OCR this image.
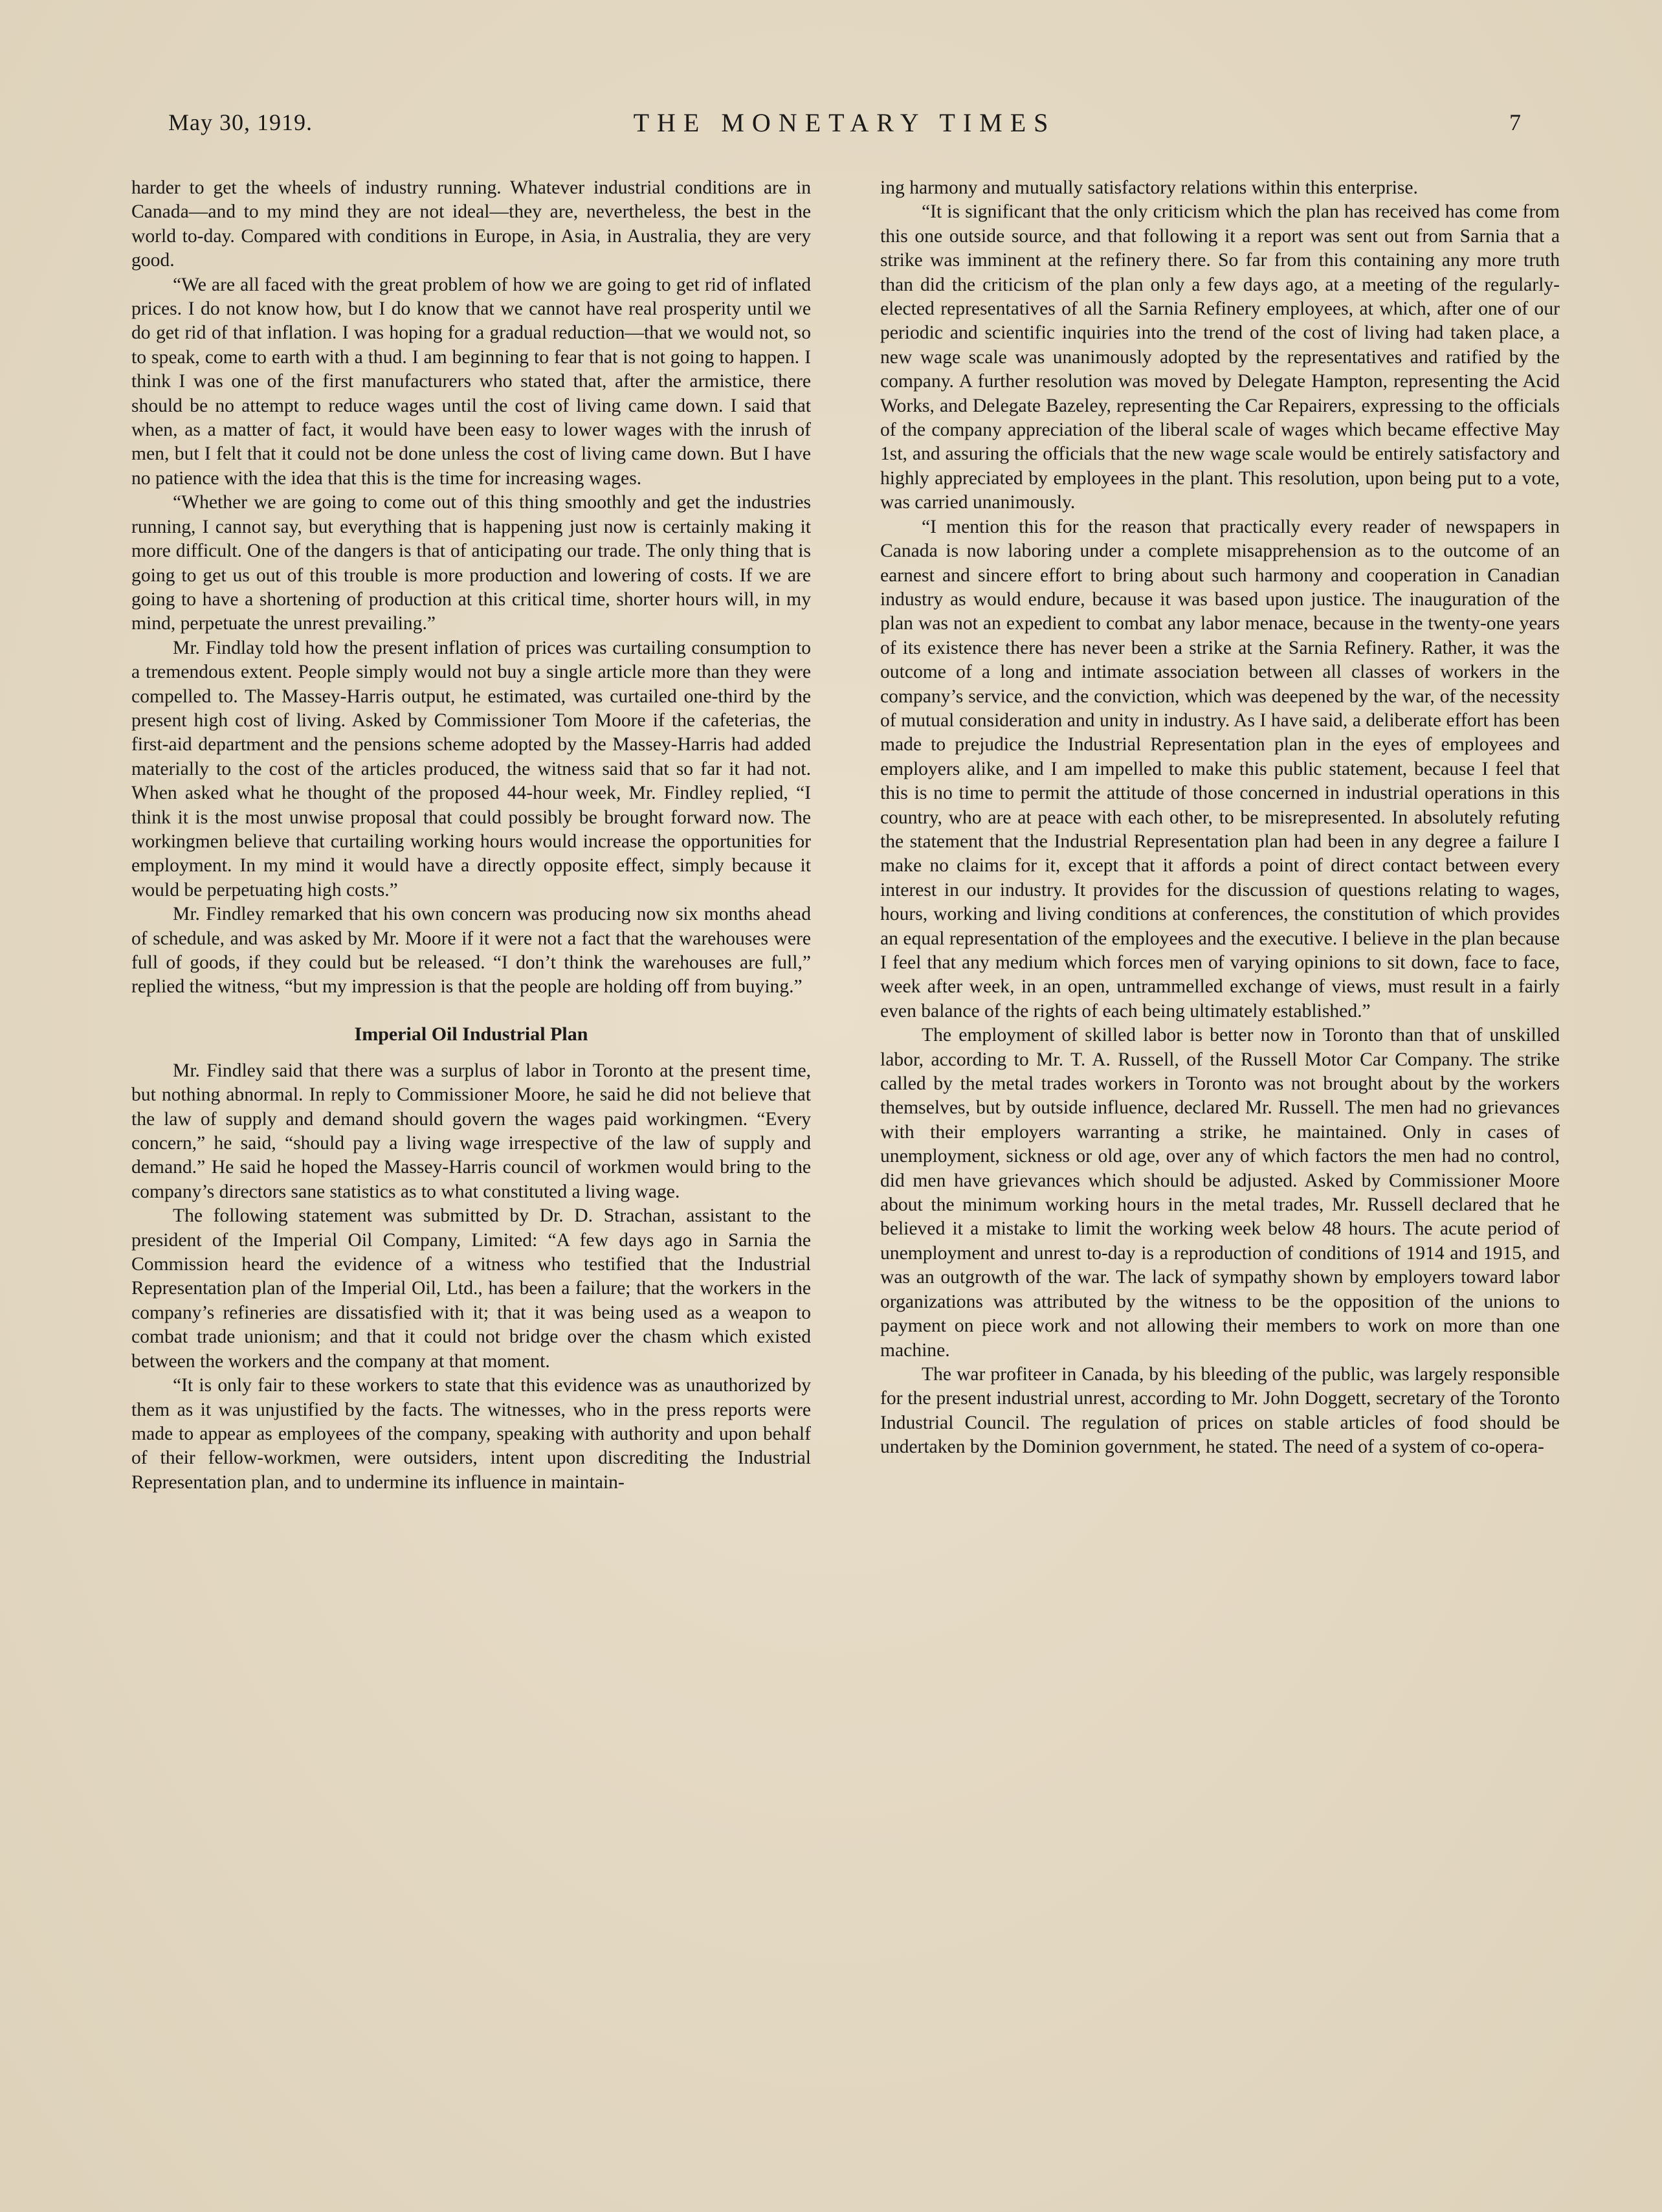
May 30, 1919.	THE MONETARY TIMES	7

harder to get the wheels of industry running. Whatever industrial conditions are in Canada—and to my mind they are not ideal—they are, nevertheless, the best in the world to-day. Compared with conditions in Europe, in Asia, in Australia, they are very good.

“We are all faced with the great problem of how we are going to get rid of inflated prices. I do not know how, but I do know that we cannot have real prosperity until we do get rid of that inflation. I was hoping for a gradual reduction—that we would not, so to speak, come to earth with a thud. I am beginning to fear that is not going to happen. I think I was one of the first manufacturers who stated that, after the armistice, there should be no attempt to reduce wages until the cost of living came down. I said that when, as a matter of fact, it would have been easy to lower wages with the inrush of men, but I felt that it could not be done unless the cost of living came down. But I have no patience with the idea that this is the time for increasing wages.

“Whether we are going to come out of this thing smoothly and get the industries running, I cannot say, but everything that is happening just now is certainly making it more difficult. One of the dangers is that of anticipating our trade. The only thing that is going to get us out of this trouble is more production and lowering of costs. If we are going to have a shortening of production at this critical time, shorter hours will, in my mind, perpetuate the unrest prevailing.”

Mr. Findlay told how the present inflation of prices was curtailing consumption to a tremendous extent. People simply would not buy a single article more than they were compelled to. The Massey-Harris output, he estimated, was curtailed one-third by the present high cost of living. Asked by Commissioner Tom Moore if the cafeterias, the first-aid department and the pensions scheme adopted by the Massey-Harris had added materially to the cost of the articles produced, the witness said that so far it had not. When asked what he thought of the proposed 44-hour week, Mr. Findley replied, “I think it is the most unwise proposal that could possibly be brought forward now. The workingmen believe that curtailing working hours would increase the opportunities for employment. In my mind it would have a directly opposite effect, simply because it would be perpetuating high costs.”

Mr. Findley remarked that his own concern was producing now six months ahead of schedule, and was asked by Mr. Moore if it were not a fact that the warehouses were full of goods, if they could but be released. “I don’t think the warehouses are full,” replied the witness, “but my impression is that the people are holding off from buying.”

Imperial Oil Industrial Plan

Mr. Findley said that there was a surplus of labor in Toronto at the present time, but nothing abnormal. In reply to Commissioner Moore, he said he did not believe that the law of supply and demand should govern the wages paid workingmen. “Every concern,” he said, “should pay a living wage irrespective of the law of supply and demand.” He said he hoped the Massey-Harris council of workmen would bring to the company’s directors sane statistics as to what constituted a living wage.

The following statement was submitted by Dr. D. Strachan, assistant to the president of the Imperial Oil Company, Limited: “A few days ago in Sarnia the Commission heard the evidence of a witness who testified that the Industrial Representation plan of the Imperial Oil, Ltd., has been a failure; that the workers in the company’s refineries are dissatisfied with it; that it was being used as a weapon to combat trade unionism; and that it could not bridge over the chasm which existed between the workers and the company at that moment.

“It is only fair to these workers to state that this evidence was as unauthorized by them as it was unjustified by the facts. The witnesses, who in the press reports were made to appear as employees of the company, speaking with authority and upon behalf of their fellow-workmen, were outsiders, intent upon discrediting the Industrial Representation plan, and to undermine its influence in maintain-

ing harmony and mutually satisfactory relations within this enterprise.

“It is significant that the only criticism which the plan has received has come from this one outside source, and that following it a report was sent out from Sarnia that a strike was imminent at the refinery there. So far from this containing any more truth than did the criticism of the plan only a few days ago, at a meeting of the regularly-elected representatives of all the Sarnia Refinery employees, at which, after one of our periodic and scientific inquiries into the trend of the cost of living had taken place, a new wage scale was unanimously adopted by the representatives and ratified by the company. A further resolution was moved by Delegate Hampton, representing the Acid Works, and Delegate Bazeley, representing the Car Repairers, expressing to the officials of the company appreciation of the liberal scale of wages which became effective May 1st, and assuring the officials that the new wage scale would be entirely satisfactory and highly appreciated by employees in the plant. This resolution, upon being put to a vote, was carried unanimously.

“I mention this for the reason that practically every reader of newspapers in Canada is now laboring under a complete misapprehension as to the outcome of an earnest and sincere effort to bring about such harmony and cooperation in Canadian industry as would endure, because it was based upon justice. The inauguration of the plan was not an expedient to combat any labor menace, because in the twenty-one years of its existence there has never been a strike at the Sarnia Refinery. Rather, it was the outcome of a long and intimate association between all classes of workers in the company’s service, and the conviction, which was deepened by the war, of the necessity of mutual consideration and unity in industry. As I have said, a deliberate effort has been made to prejudice the Industrial Representation plan in the eyes of employees and employers alike, and I am impelled to make this public statement, because I feel that this is no time to permit the attitude of those concerned in industrial operations in this country, who are at peace with each other, to be misrepresented. In absolutely refuting the statement that the Industrial Representation plan had been in any degree a failure I make no claims for it, except that it affords a point of direct contact between every interest in our industry. It provides for the discussion of questions relating to wages, hours, working and living conditions at conferences, the constitution of which provides an equal representation of the employees and the executive. I believe in the plan because I feel that any medium which forces men of varying opinions to sit down, face to face, week after week, in an open, untrammelled exchange of views, must result in a fairly even balance of the rights of each being ultimately established.”

The employment of skilled labor is better now in Toronto than that of unskilled labor, according to Mr. T. A. Russell, of the Russell Motor Car Company. The strike called by the metal trades workers in Toronto was not brought about by the workers themselves, but by outside influence, declared Mr. Russell. The men had no grievances with their employers warranting a strike, he maintained. Only in cases of unemployment, sickness or old age, over any of which factors the men had no control, did men have grievances which should be adjusted. Asked by Commissioner Moore about the minimum working hours in the metal trades, Mr. Russell declared that he believed it a mistake to limit the working week below 48 hours. The acute period of unemployment and unrest to-day is a reproduction of conditions of 1914 and 1915, and was an outgrowth of the war. The lack of sympathy shown by employers toward labor organizations was attributed by the witness to be the opposition of the unions to payment on piece work and not allowing their members to work on more than one machine.

The war profiteer in Canada, by his bleeding of the public, was largely responsible for the present industrial unrest, according to Mr. John Doggett, secretary of the Toronto Industrial Council. The regulation of prices on stable articles of food should be undertaken by the Dominion government, he stated. The need of a system of co-opera-
